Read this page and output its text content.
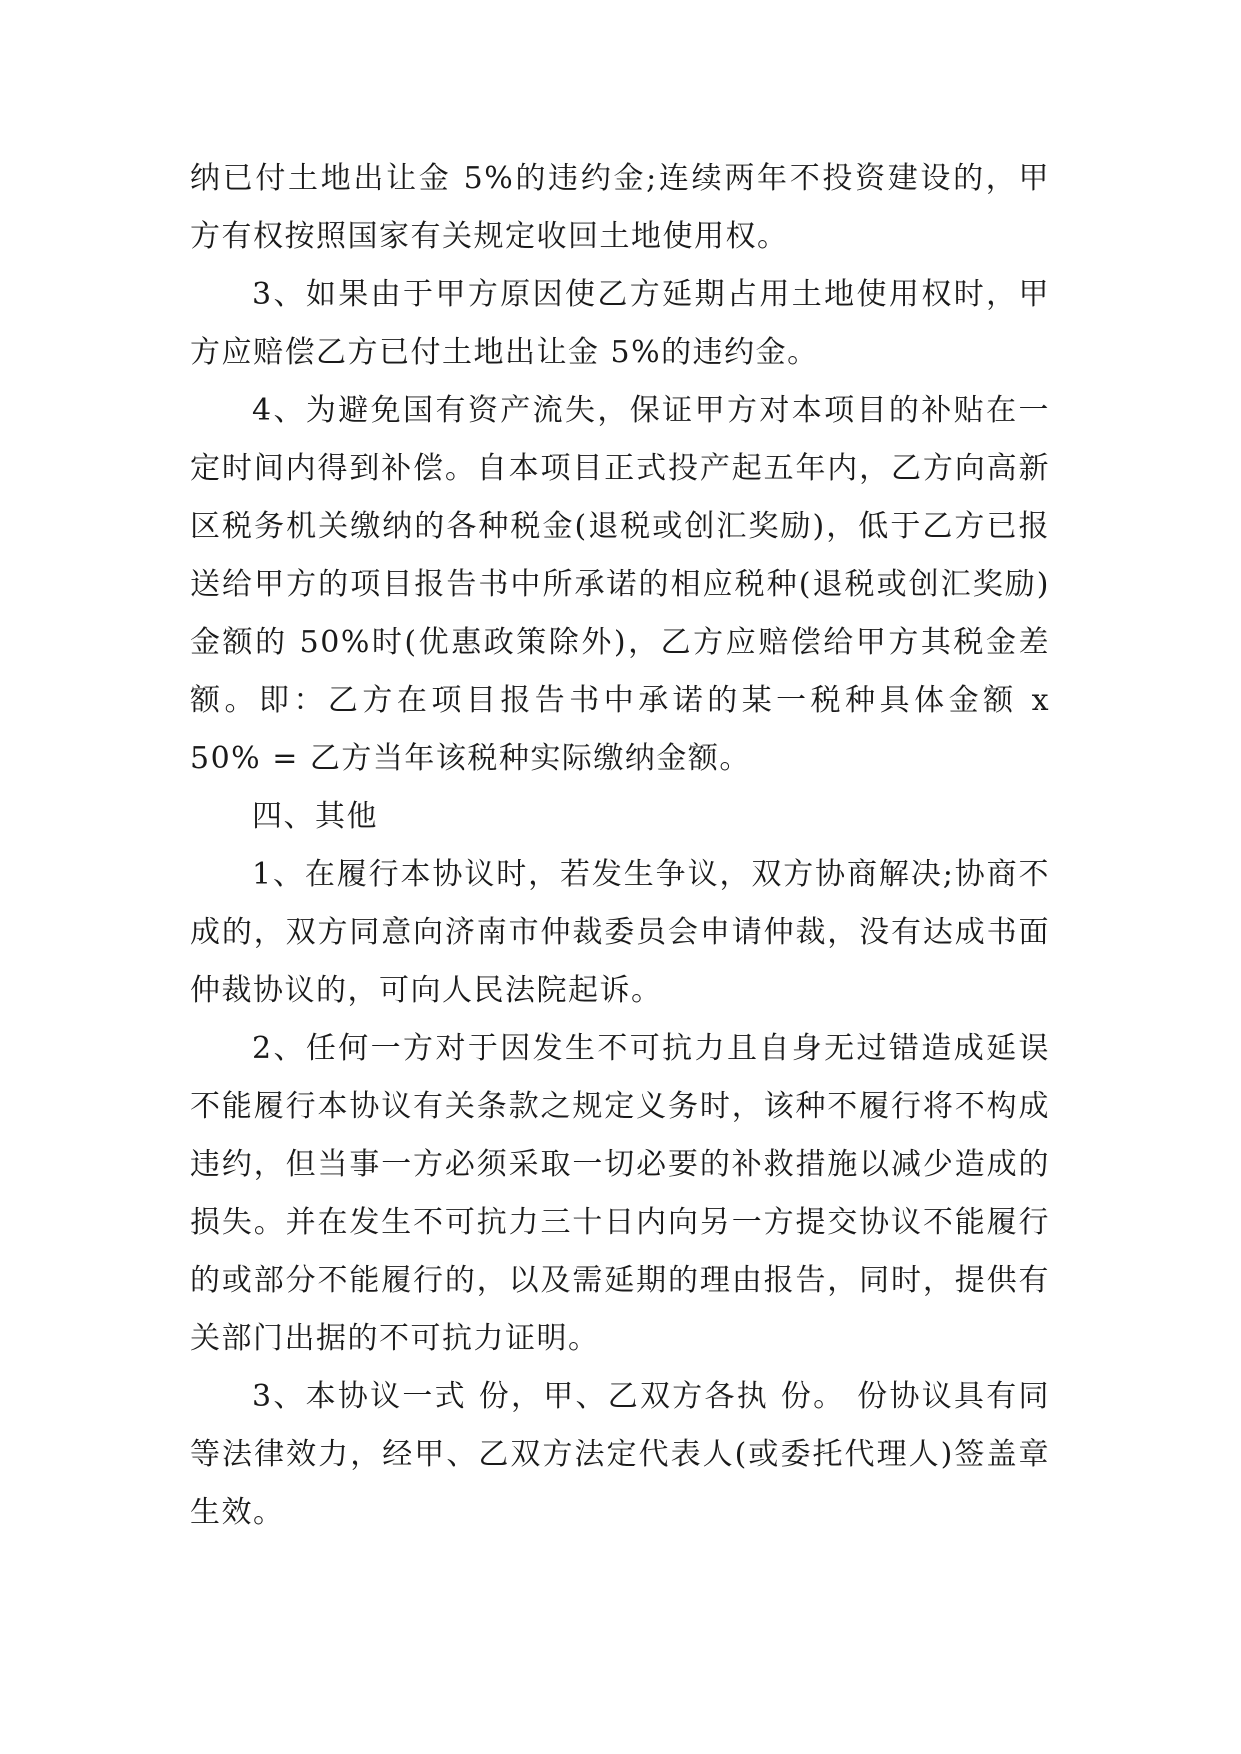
纳已付土地出让金 5%的违约金;连续两年不投资建设的，甲方有权按照国家有关规定收回土地使用权。

3、如果由于甲方原因使乙方延期占用土地使用权时，甲方应赔偿乙方已付土地出让金 5%的违约金。

4、为避免国有资产流失，保证甲方对本项目的补贴在一定时间内得到补偿。自本项目正式投产起五年内，乙方向高新区税务机关缴纳的各种税金(退税或创汇奖励)，低于乙方已报送给甲方的项目报告书中所承诺的相应税种(退税或创汇奖励)金额的 50%时(优惠政策除外)，乙方应赔偿给甲方其税金差额。即：乙方在项目报告书中承诺的某一税种具体金额 x 50% = 乙方当年该税种实际缴纳金额。

四、其他

1、在履行本协议时，若发生争议，双方协商解决;协商不成的，双方同意向济南市仲裁委员会申请仲裁，没有达成书面仲裁协议的，可向人民法院起诉。

2、任何一方对于因发生不可抗力且自身无过错造成延误不能履行本协议有关条款之规定义务时，该种不履行将不构成违约，但当事一方必须采取一切必要的补救措施以减少造成的损失。并在发生不可抗力三十日内向另一方提交协议不能履行的或部分不能履行的，以及需延期的理由报告，同时，提供有关部门出据的不可抗力证明。

3、本协议一式 份，甲、乙双方各执 份。 份协议具有同等法律效力，经甲、乙双方法定代表人(或委托代理人)签盖章生效。
